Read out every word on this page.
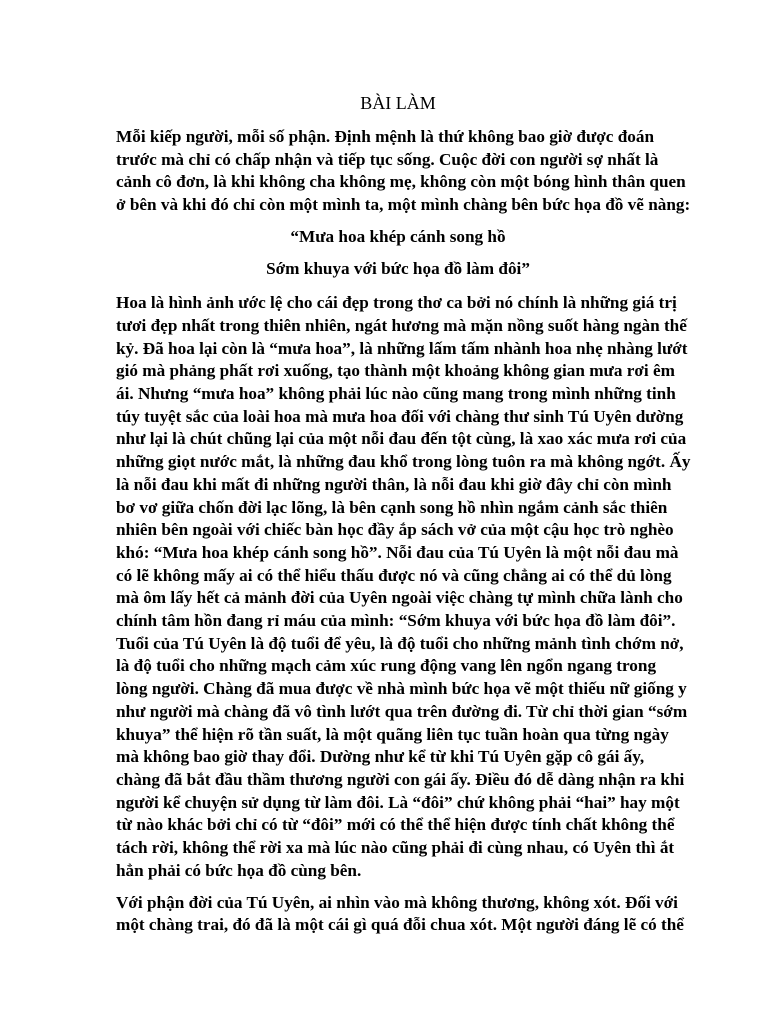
BÀI LÀM
Mỗi kiếp người, mỗi số phận. Định mệnh là thứ không bao giờ được đoán
trước mà chỉ có chấp nhận và tiếp tục sống. Cuộc đời con người sợ nhất là
cảnh cô đơn, là khi không cha không mẹ, không còn một bóng hình thân quen
ở bên và khi đó chỉ còn một mình ta, một mình chàng bên bức họa đồ vẽ nàng:
“Mưa hoa khép cánh song hồ
Sớm khuya với bức họa đồ làm đôi”
Hoa là hình ảnh ước lệ cho cái đẹp trong thơ ca bởi nó chính là những giá trị
tươi đẹp nhất trong thiên nhiên, ngát hương mà mặn nồng suốt hàng ngàn thế
kỷ. Đã hoa lại còn là “mưa hoa”, là những lấm tấm nhành hoa nhẹ nhàng lướt
gió mà phảng phất rơi xuống, tạo thành một khoảng không gian mưa rơi êm
ái. Nhưng “mưa hoa” không phải lúc nào cũng mang trong mình những tinh
túy tuyệt sắc của loài hoa mà mưa hoa đối với chàng thư sinh Tú Uyên dường
như lại là chút chũng lại của một nỗi đau đến tột cùng, là xao xác mưa rơi của
những giọt nước mắt, là những đau khổ trong lòng tuôn ra mà không ngớt. Ấy
là nỗi đau khi mất đi những người thân, là nỗi đau khi giờ đây chỉ còn mình
bơ vơ giữa chốn đời lạc lõng, là bên cạnh song hồ nhìn ngắm cảnh sắc thiên
nhiên bên ngoài với chiếc bàn học đầy ắp sách vở của một cậu học trò nghèo
khó: “Mưa hoa khép cánh song hồ”. Nỗi đau của Tú Uyên là một nỗi đau mà
có lẽ không mấy ai có thể hiểu thấu được nó và cũng chẳng ai có thể dủ lòng
mà ôm lấy hết cả mảnh đời của Uyên ngoài việc chàng tự mình chữa lành cho
chính tâm hồn đang rỉ máu của mình: “Sớm khuya với bức họa đồ làm đôi”.
Tuổi của Tú Uyên là độ tuổi để yêu, là độ tuổi cho những mảnh tình chớm nở,
là độ tuổi cho những mạch cảm xúc rung động vang lên ngổn ngang trong
lòng người. Chàng đã mua được về nhà mình bức họa vẽ một thiếu nữ giống y
như người mà chàng đã vô tình lướt qua trên đường đi. Từ chỉ thời gian “sớm
khuya” thể hiện rõ tần suất, là một quãng liên tục tuần hoàn qua từng ngày
mà không bao giờ thay đổi. Dường như kể từ khi Tú Uyên gặp cô gái ấy,
chàng đã bắt đầu thầm thương người con gái ấy. Điều đó dễ dàng nhận ra khi
người kể chuyện sử dụng từ làm đôi. Là “đôi” chứ không phải “hai” hay một
từ nào khác bởi chỉ có từ “đôi” mới có thể thể hiện được tính chất không thể
tách rời, không thể rời xa mà lúc nào cũng phải đi cùng nhau, có Uyên thì ắt
hẳn phải có bức họa đồ cùng bên.
Với phận đời của Tú Uyên, ai nhìn vào mà không thương, không xót. Đối với
một chàng trai, đó đã là một cái gì quá đỗi chua xót. Một người đáng lẽ có thể
